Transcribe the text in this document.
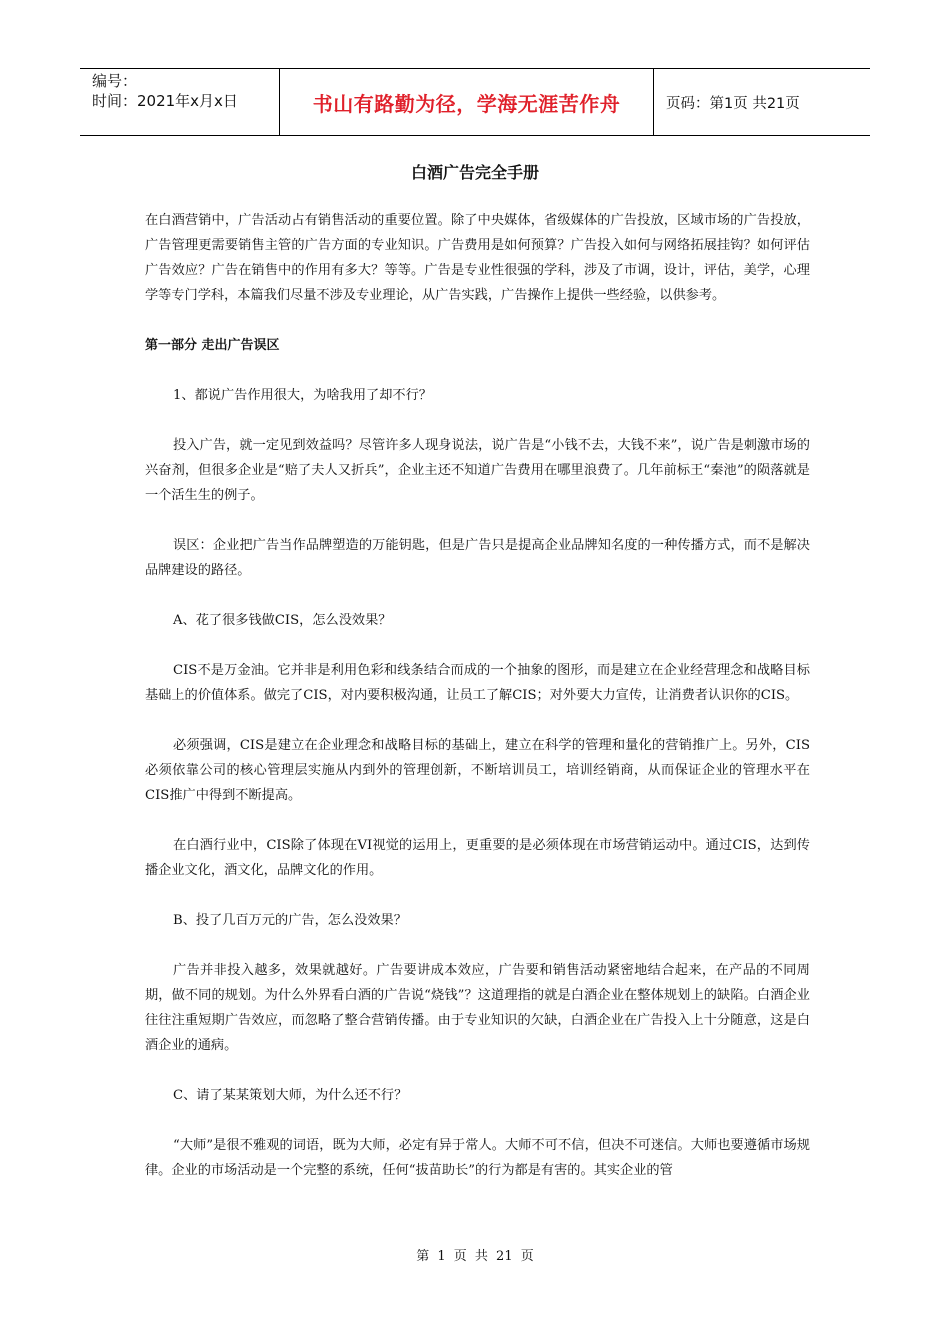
编号：
时间：2021年x月x日	书山有路勤为径，学海无涯苦作舟	页码：第1页 共21页
白酒广告完全手册

在白酒营销中，广告活动占有销售活动的重要位置。除了中央媒体，省级媒体的广告投放，区域市场的广告投放，广告管理更需要销售主管的广告方面的专业知识。广告费用是如何预算？广告投入如何与网络拓展挂钩？如何评估广告效应？广告在销售中的作用有多大？等等。广告是专业性很强的学科，涉及了市调，设计，评估，美学，心理学等专门学科，本篇我们尽量不涉及专业理论，从广告实践，广告操作上提供一些经验，以供参考。

第一部分 走出广告误区

1、都说广告作用很大，为啥我用了却不行？

投入广告，就一定见到效益吗？尽管许多人现身说法，说广告是“小钱不去，大钱不来”，说广告是刺激市场的兴奋剂，但很多企业是“赔了夫人又折兵”，企业主还不知道广告费用在哪里浪费了。几年前标王“秦池”的陨落就是一个活生生的例子。

误区：企业把广告当作品牌塑造的万能钥匙，但是广告只是提高企业品牌知名度的一种传播方式，而不是解决品牌建设的路径。

A、花了很多钱做CIS，怎么没效果？

CIS不是万金油。它并非是利用色彩和线条结合而成的一个抽象的图形，而是建立在企业经营理念和战略目标基础上的价值体系。做完了CIS，对内要积极沟通，让员工了解CIS；对外要大力宣传，让消费者认识你的CIS。

必须强调，CIS是建立在企业理念和战略目标的基础上，建立在科学的管理和量化的营销推广上。另外，CIS必须依靠公司的核心管理层实施从内到外的管理创新，不断培训员工，培训经销商，从而保证企业的管理水平在CIS推广中得到不断提高。

在白酒行业中，CIS除了体现在VI视觉的运用上，更重要的是必须体现在市场营销运动中。通过CIS，达到传播企业文化，酒文化，品牌文化的作用。

B、投了几百万元的广告，怎么没效果？

广告并非投入越多，效果就越好。广告要讲成本效应，广告要和销售活动紧密地结合起来，在产品的不同周期，做不同的规划。为什么外界看白酒的广告说“烧钱”？这道理指的就是白酒企业在整体规划上的缺陷。白酒企业往往注重短期广告效应，而忽略了整合营销传播。由于专业知识的欠缺，白酒企业在广告投入上十分随意，这是白酒企业的通病。

C、请了某某策划大师，为什么还不行？

“大师”是很不雅观的词语，既为大师，必定有异于常人。大师不可不信，但决不可迷信。大师也要遵循市场规律。企业的市场活动是一个完整的系统，任何“拔苗助长”的行为都是有害的。其实企业的管

第 1 页 共 21 页
